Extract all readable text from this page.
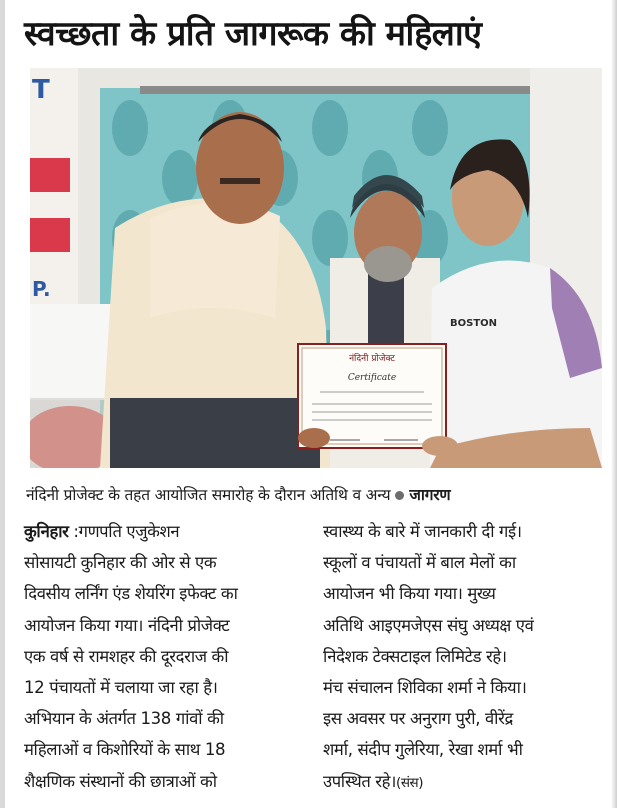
स्वच्छता के प्रति जागरूक की महिलाएं
T
P.
BOSTON
नंदिनी प्रोजेक्ट
Certificate
नंदिनी प्रोजेक्ट के तहत आयोजित समारोह के दौरान अतिथि व अन्य जागरण
कुनिहार :गणपति एजुकेशन
सोसायटी कुनिहार की ओर से एक
दिवसीय लर्निंग एंड शेयरिंग इफेक्ट का
आयोजन किया गया। नंदिनी प्रोजेक्ट
एक वर्ष से रामशहर की दूरदराज की
12 पंचायतों में चलाया जा रहा है।
अभियान के अंतर्गत 138 गांवों की
महिलाओं व किशोरियों के साथ 18
शैक्षणिक संस्थानों की छात्राओं को
स्वास्थ्य के बारे में जानकारी दी गई।
स्कूलों व पंचायतों में बाल मेलों का
आयोजन भी किया गया। मुख्य
अतिथि आइएमजेएस संघु अध्यक्ष एवं
निदेशक टेक्सटाइल लिमिटेड रहे।
मंच संचालन शिविका शर्मा ने किया।
इस अवसर पर अनुराग पुरी, वीरेंद्र
शर्मा, संदीप गुलेरिया, रेखा शर्मा भी
उपस्थित रहे।(संस)
